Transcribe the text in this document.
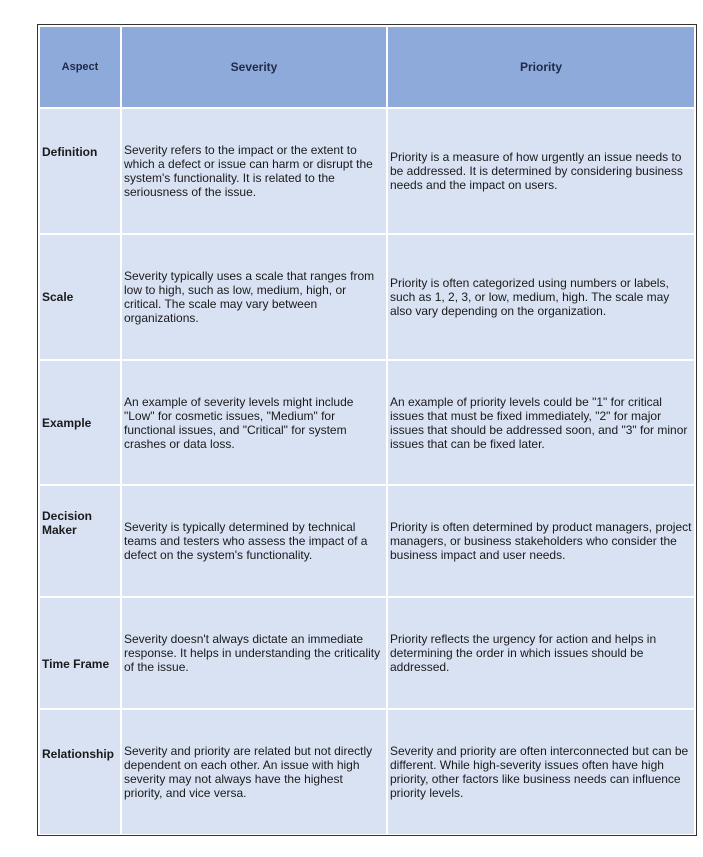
Aspect	Severity	Priority
Definition	Severity refers to the impact or the extent to which a defect or issue can harm or disrupt the system's functionality. It is related to the seriousness of the issue.	Priority is a measure of how urgently an issue needs to be addressed. It is determined by considering business needs and the impact on users.
Scale	Severity typically uses a scale that ranges from low to high, such as low, medium, high, or critical. The scale may vary between organizations.	Priority is often categorized using numbers or labels, such as 1, 2, 3, or low, medium, high. The scale may also vary depending on the organization.
Example	An example of severity levels might include "Low" for cosmetic issues, "Medium" for functional issues, and "Critical" for system crashes or data loss.	An example of priority levels could be "1" for critical issues that must be fixed immediately, "2" for major issues that should be addressed soon, and "3" for minor issues that can be fixed later.
Decision Maker	Severity is typically determined by technical teams and testers who assess the impact of a defect on the system's functionality.	Priority is often determined by product managers, project managers, or business stakeholders who consider the business impact and user needs.
Time Frame	Severity doesn't always dictate an immediate response. It helps in understanding the criticality of the issue.	Priority reflects the urgency for action and helps in determining the order in which issues should be addressed.
Relationship	Severity and priority are related but not directly dependent on each other. An issue with high severity may not always have the highest priority, and vice versa.	Severity and priority are often interconnected but can be different. While high-severity issues often have high priority, other factors like business needs can influence priority levels.
